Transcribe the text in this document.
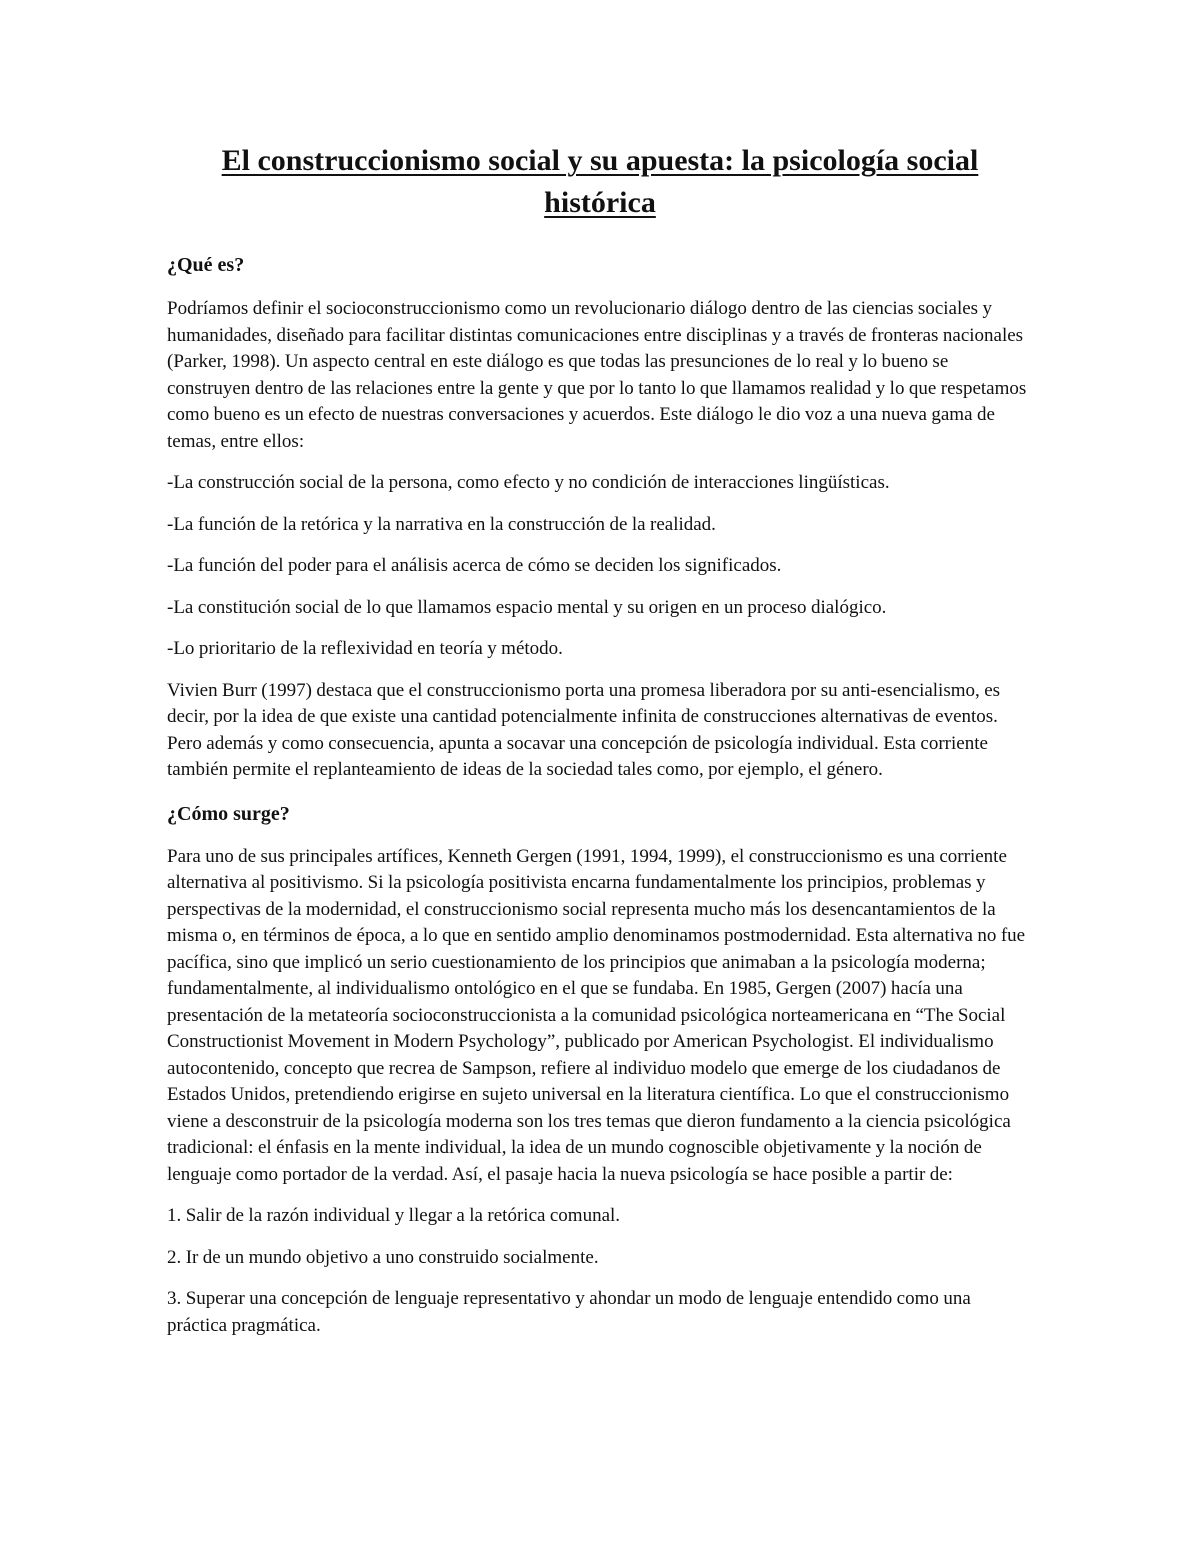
El construccionismo social y su apuesta: la psicología social histórica

¿Qué es?

Podríamos definir el socioconstruccionismo como un revolucionario diálogo dentro de las ciencias sociales y humanidades, diseñado para facilitar distintas comunicaciones entre disciplinas y a través de fronteras nacionales (Parker, 1998). Un aspecto central en este diálogo es que todas las presunciones de lo real y lo bueno se construyen dentro de las relaciones entre la gente y que por lo tanto lo que llamamos realidad y lo que respetamos como bueno es un efecto de nuestras conversaciones y acuerdos. Este diálogo le dio voz a una nueva gama de temas, entre ellos:

-La construcción social de la persona, como efecto y no condición de interacciones lingüísticas.

-La función de la retórica y la narrativa en la construcción de la realidad.

-La función del poder para el análisis acerca de cómo se deciden los significados.

-La constitución social de lo que llamamos espacio mental y su origen en un proceso dialógico.

-Lo prioritario de la reflexividad en teoría y método.

Vivien Burr (1997) destaca que el construccionismo porta una promesa liberadora por su anti-esencialismo, es decir, por la idea de que existe una cantidad potencialmente infinita de construcciones alternativas de eventos. Pero además y como consecuencia, apunta a socavar una concepción de psicología individual. Esta corriente también permite el replanteamiento de ideas de la sociedad tales como, por ejemplo, el género.

¿Cómo surge?

Para uno de sus principales artífices, Kenneth Gergen (1991, 1994, 1999), el construccionismo es una corriente alternativa al positivismo. Si la psicología positivista encarna fundamentalmente los principios, problemas y perspectivas de la modernidad, el construccionismo social representa mucho más los desencantamientos de la misma o, en términos de época, a lo que en sentido amplio denominamos postmodernidad. Esta alternativa no fue pacífica, sino que implicó un serio cuestionamiento de los principios que animaban a la psicología moderna; fundamentalmente, al individualismo ontológico en el que se fundaba. En 1985, Gergen (2007) hacía una presentación de la metateoría socioconstruccionista a la comunidad psicológica norteamericana en “The Social Constructionist Movement in Modern Psychology”, publicado por American Psychologist. El individualismo autocontenido, concepto que recrea de Sampson, refiere al individuo modelo que emerge de los ciudadanos de Estados Unidos, pretendiendo erigirse en sujeto universal en la literatura científica. Lo que el construccionismo viene a desconstruir de la psicología moderna son los tres temas que dieron fundamento a la ciencia psicológica tradicional: el énfasis en la mente individual, la idea de un mundo cognoscible objetivamente y la noción de lenguaje como portador de la verdad. Así, el pasaje hacia la nueva psicología se hace posible a partir de:

1. Salir de la razón individual y llegar a la retórica comunal.

2. Ir de un mundo objetivo a uno construido socialmente.

3. Superar una concepción de lenguaje representativo y ahondar un modo de lenguaje entendido como una práctica pragmática.
